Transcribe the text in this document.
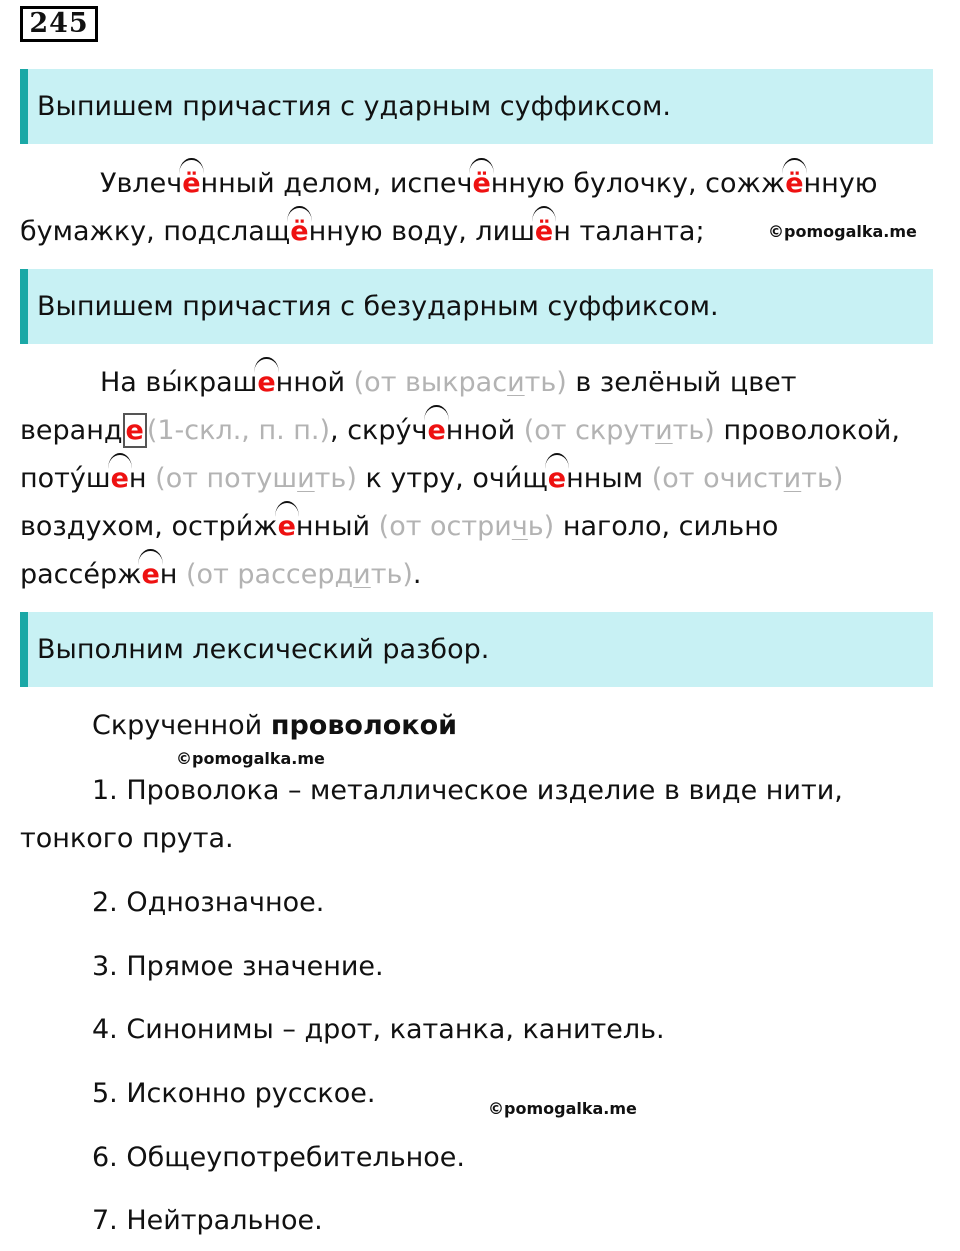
245
Выпишем причастия с ударным суффиксом.
Увлечённый делом, испечённую булочку, сожжённую
бумажку, подслащённую воду, лишён таланта;	©pomogalka.me
Выпишем причастия с безударным суффиксом.
На вы́крашенной (от выкрасить) в зелёный цвет
веранд е (1-скл., п. п.), скру́ченной (от скрутить) проволокой,
поту́шен (от потушить) к утру, очи́щенным (от очистить)
воздухом, остри́женный (от остричь) наголо, сильно
рассе́ржен (от рассердить).
Выполним лексический разбор.
Скрученной проволокой
©pomogalka.me
1. Проволока – металлическое изделие в виде нити,
тонкого прута.
2. Однозначное.
3. Прямое значение.
4. Синонимы – дрот, катанка, канитель.
5. Исконно русское.	©pomogalka.me
6. Общеупотребительное.
7. Нейтральное.
